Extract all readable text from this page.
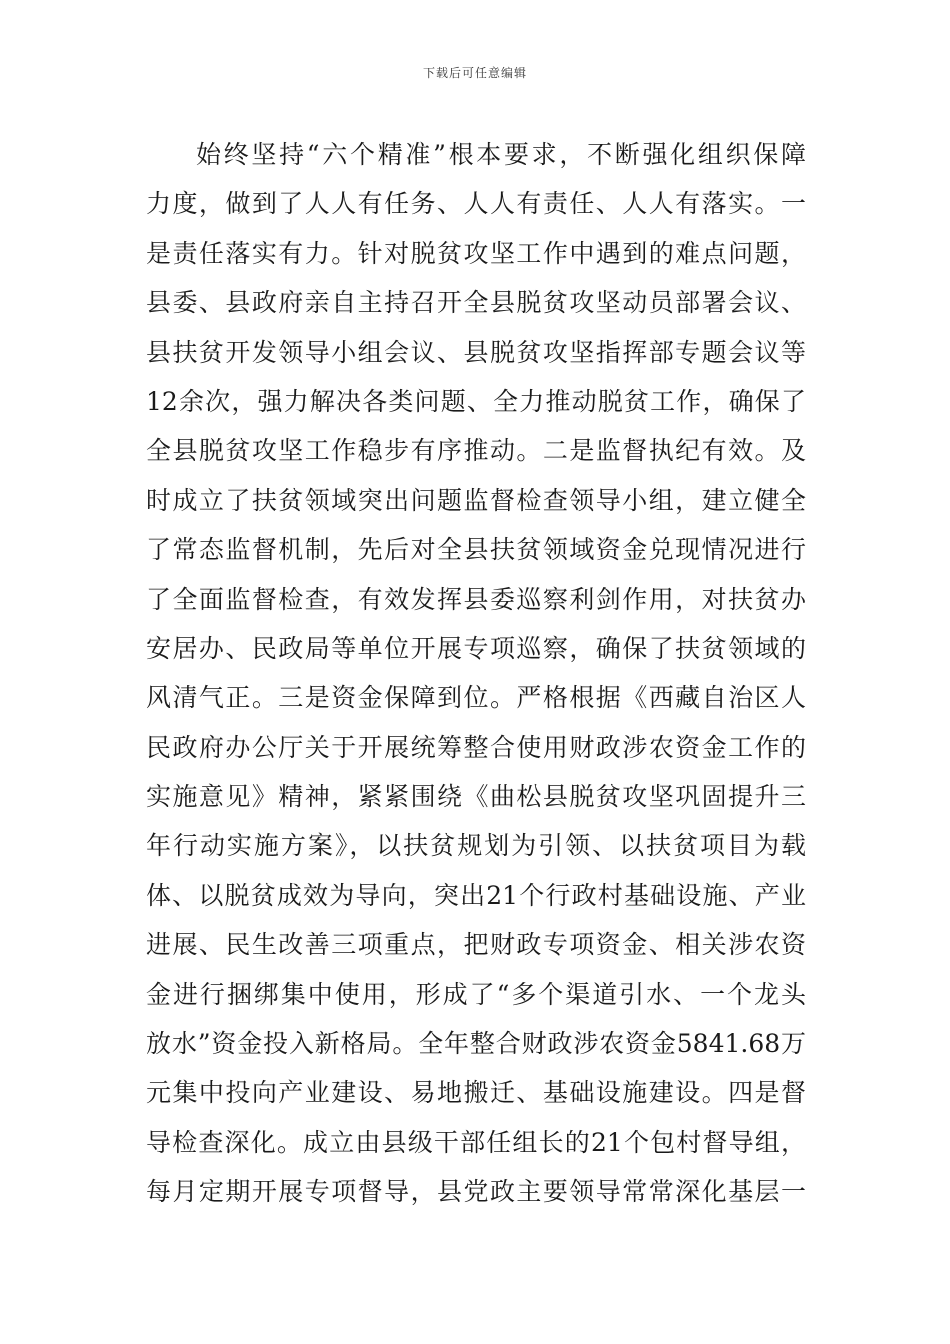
下载后可任意编辑
始终坚持“六个精准”根本要求，不断强化组织保障
力度，做到了人人有任务、人人有责任、人人有落实。一
是责任落实有力。针对脱贫攻坚工作中遇到的难点问题，
县委、县政府亲自主持召开全县脱贫攻坚动员部署会议、
县扶贫开发领导小组会议、县脱贫攻坚指挥部专题会议等
12余次，强力解决各类问题、全力推动脱贫工作，确保了
全县脱贫攻坚工作稳步有序推动。二是监督执纪有效。及
时成立了扶贫领域突出问题监督检查领导小组，建立健全
了常态监督机制，先后对全县扶贫领域资金兑现情况进行
了全面监督检查，有效发挥县委巡察利剑作用，对扶贫办
安居办、民政局等单位开展专项巡察，确保了扶贫领域的
风清气正。三是资金保障到位。严格根据《西藏自治区人
民政府办公厅关于开展统筹整合使用财政涉农资金工作的
实施意见》精神，紧紧围绕《曲松县脱贫攻坚巩固提升三
年行动实施方案》，以扶贫规划为引领、以扶贫项目为载
体、以脱贫成效为导向，突出21个行政村基础设施、产业
进展、民生改善三项重点，把财政专项资金、相关涉农资
金进行捆绑集中使用，形成了“多个渠道引水、一个龙头
放水”资金投入新格局。全年整合财政涉农资金5841.68万
元集中投向产业建设、易地搬迁、基础设施建设。四是督
导检查深化。成立由县级干部任组长的21个包村督导组，
每月定期开展专项督导，县党政主要领导常常深化基层一
